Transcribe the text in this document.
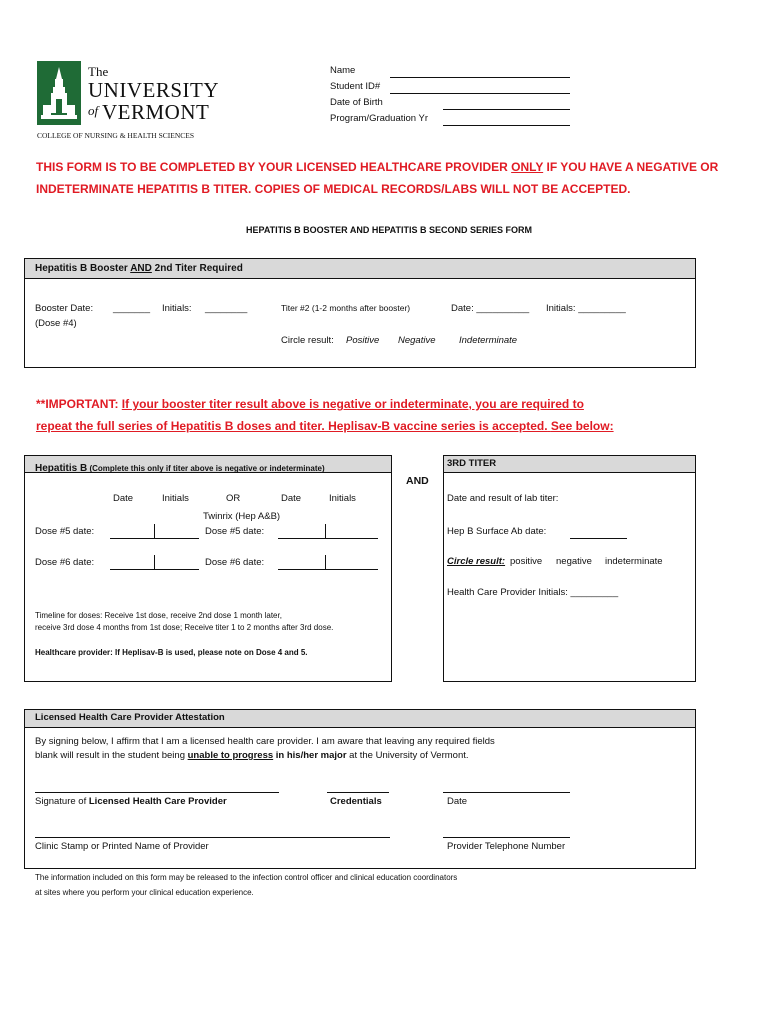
The
UNIVERSITY
of VERMONT
COLLEGE OF NURSING & HEALTH SCIENCES
Name
Student ID#
Date of Birth
Program/Graduation Yr
THIS FORM IS TO BE COMPLETED BY YOUR LICENSED HEALTHCARE PROVIDER ONLY IF YOU HAVE A NEGATIVE OR
INDETERMINATE HEPATITIS B TITER. COPIES OF MEDICAL RECORDS/LABS WILL NOT BE ACCEPTED.
HEPATITIS B BOOSTER AND HEPATITIS B SECOND SERIES FORM
Hepatitis B Booster AND 2nd Titer Required
Booster Date: _______ Initials: ________
(Dose #4)
Titer #2 (1-2 months after booster)	Date: __________ Initials: _________
Circle result: Positive Negative Indeterminate
**IMPORTANT: If your booster titer result above is negative or indeterminate, you are required to
repeat the full series of Hepatitis B doses and titer. Heplisav-B vaccine series is accepted. See below:
Hepatitis B (Complete this only if titer above is negative or indeterminate)
Date	Initials	OR	Date	Initials
Twinrix (Hep A&B)
Dose #5 date:	Dose #5 date:
Dose #6 date:	Dose #6 date:
Timeline for doses: Receive 1st dose, receive 2nd dose 1 month later,
receive 3rd dose 4 months from 1st dose; Receive titer 1 to 2 months after 3rd dose.
Healthcare provider: If Heplisav-B is used, please note on Dose 4 and 5.
AND
3RD TITER
Date and result of lab titer:
Hep B Surface Ab date:
Circle result: positive negative indeterminate
Health Care Provider Initials: _________
Licensed Health Care Provider Attestation
By signing below, I affirm that I am a licensed health care provider. I am aware that leaving any required fields
blank will result in the student being unable to progress in his/her major at the University of Vermont.
Signature of Licensed Health Care Provider	Credentials	Date
Clinic Stamp or Printed Name of Provider	Provider Telephone Number
The information included on this form may be released to the infection control officer and clinical education coordinators
at sites where you perform your clinical education experience.
